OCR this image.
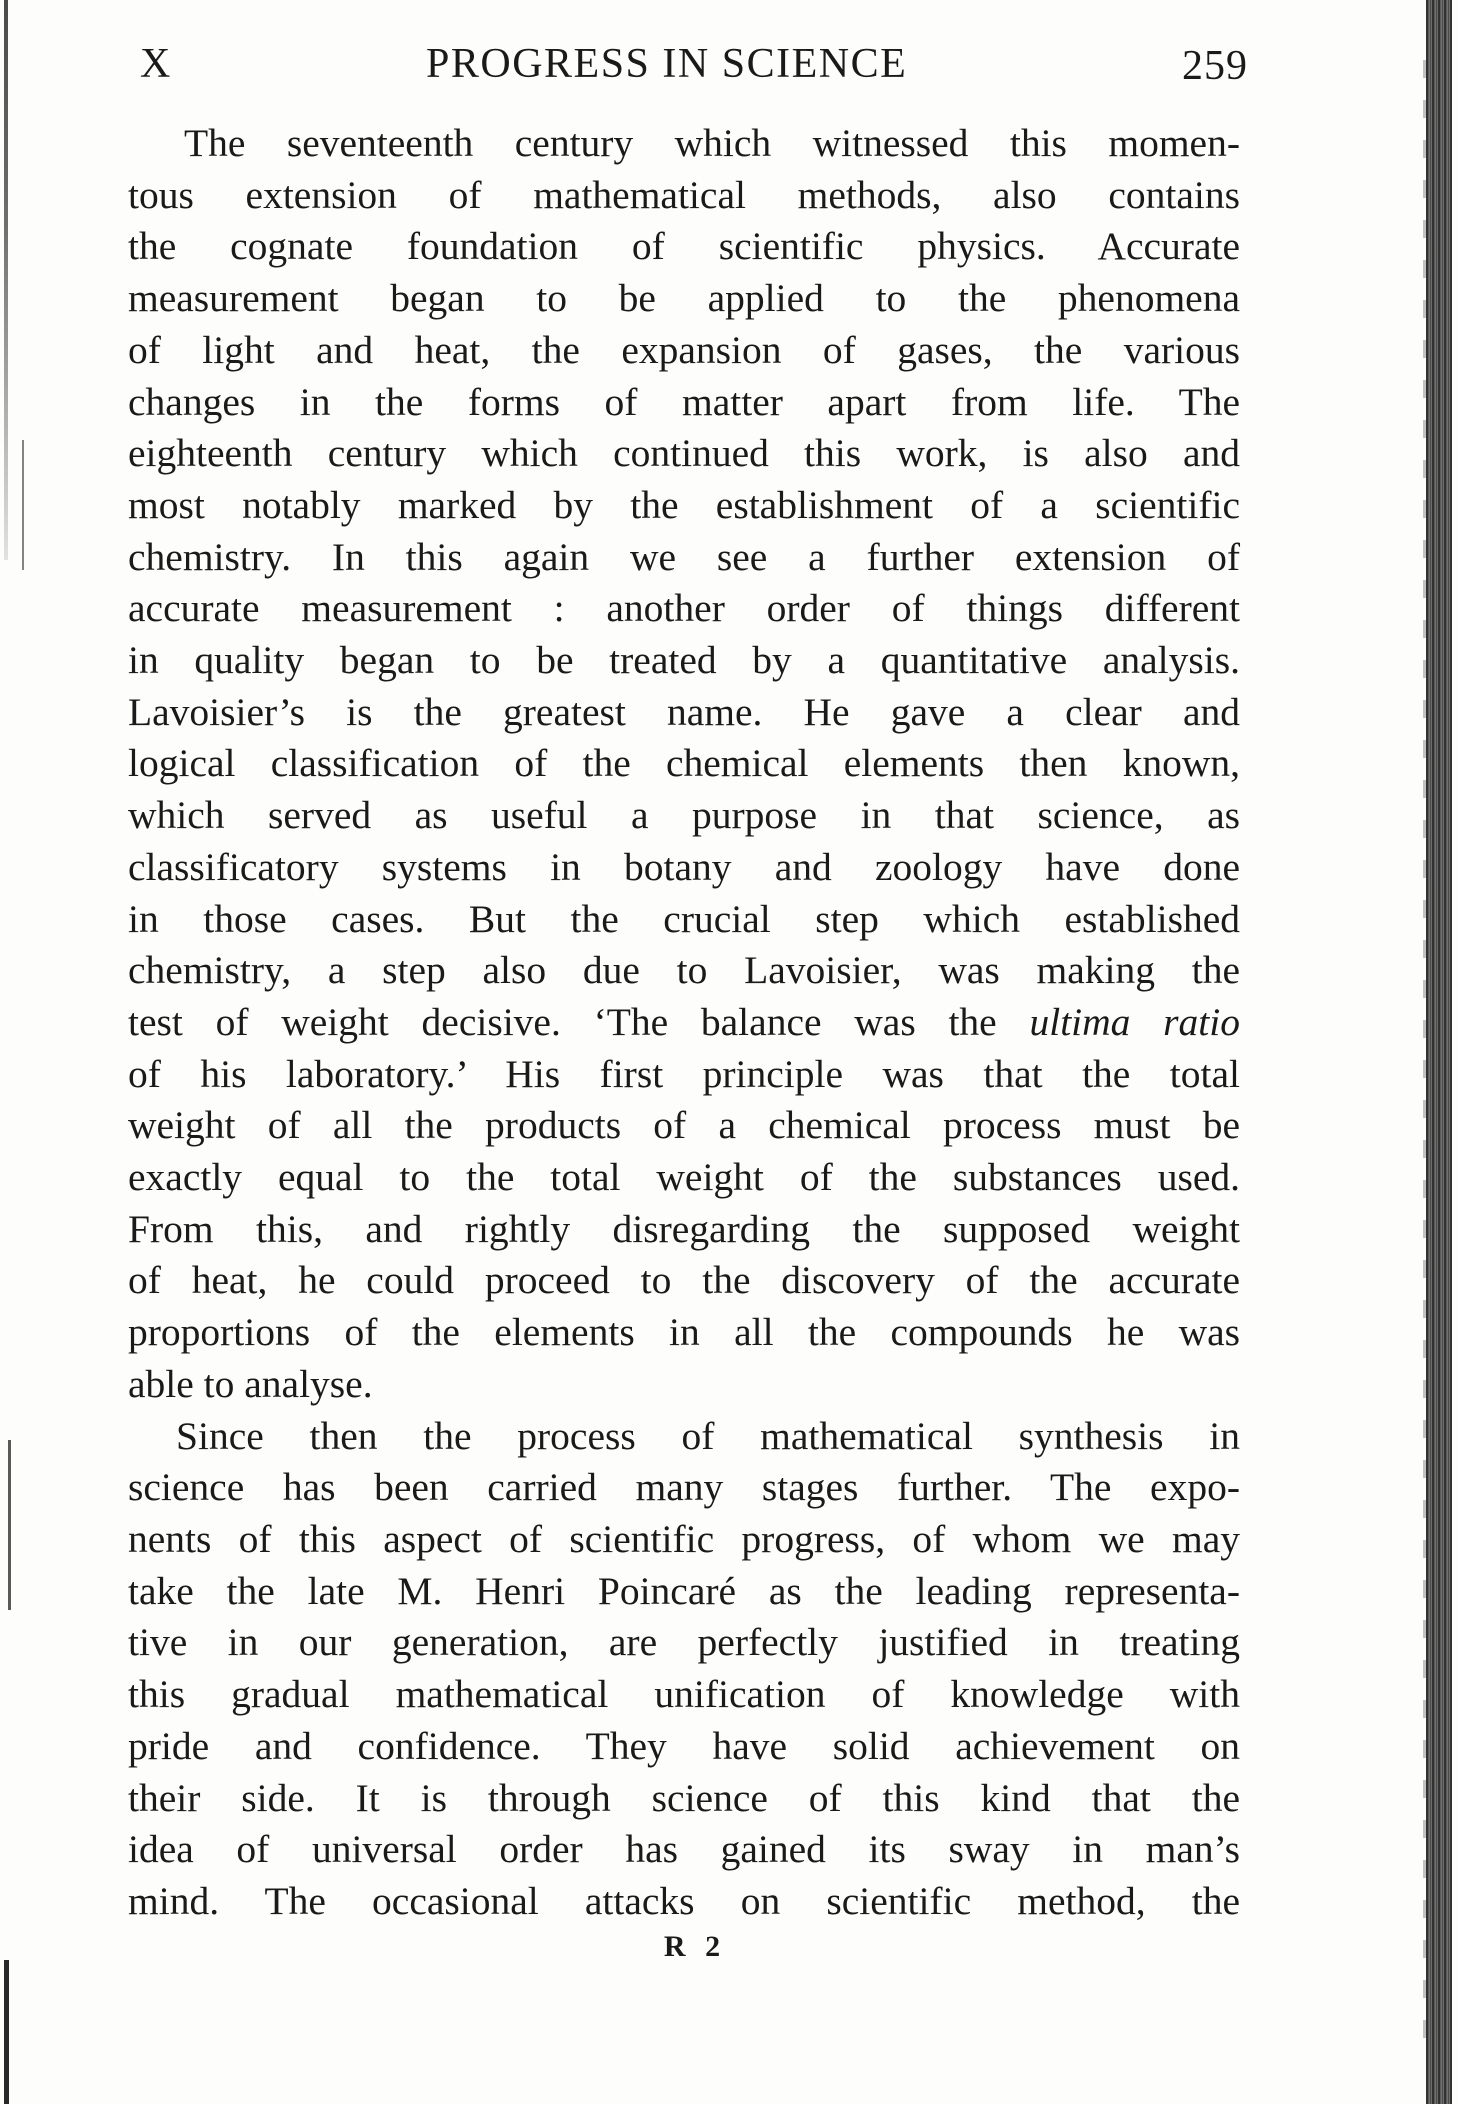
X	PROGRESS IN SCIENCE	259
The seventeenth century which witnessed this momen-
tous extension of mathematical methods, also contains
the cognate foundation of scientific physics. Accurate
measurement began to be applied to the phenomena
of light and heat, the expansion of gases, the various
changes in the forms of matter apart from life. The
eighteenth century which continued this work, is also and
most notably marked by the establishment of a scientific
chemistry. In this again we see a further extension of
accurate measurement : another order of things different
in quality began to be treated by a quantitative analysis.
Lavoisier’s is the greatest name. He gave a clear and
logical classification of the chemical elements then known,
which served as useful a purpose in that science, as
classificatory systems in botany and zoology have done
in those cases. But the crucial step which established
chemistry, a step also due to Lavoisier, was making the
test of weight decisive. ‘The balance was the ultima ratio
of his laboratory.’ His first principle was that the total
weight of all the products of a chemical process must be
exactly equal to the total weight of the substances used.
From this, and rightly disregarding the supposed weight
of heat, he could proceed to the discovery of the accurate
proportions of the elements in all the compounds he was
able to analyse.
Since then the process of mathematical synthesis in
science has been carried many stages further. The expo-
nents of this aspect of scientific progress, of whom we may
take the late M. Henri Poincaré as the leading representa-
tive in our generation, are perfectly justified in treating
this gradual mathematical unification of knowledge with
pride and confidence. They have solid achievement on
their side. It is through science of this kind that the
idea of universal order has gained its sway in man’s
mind. The occasional attacks on scientific method, the
R 2
